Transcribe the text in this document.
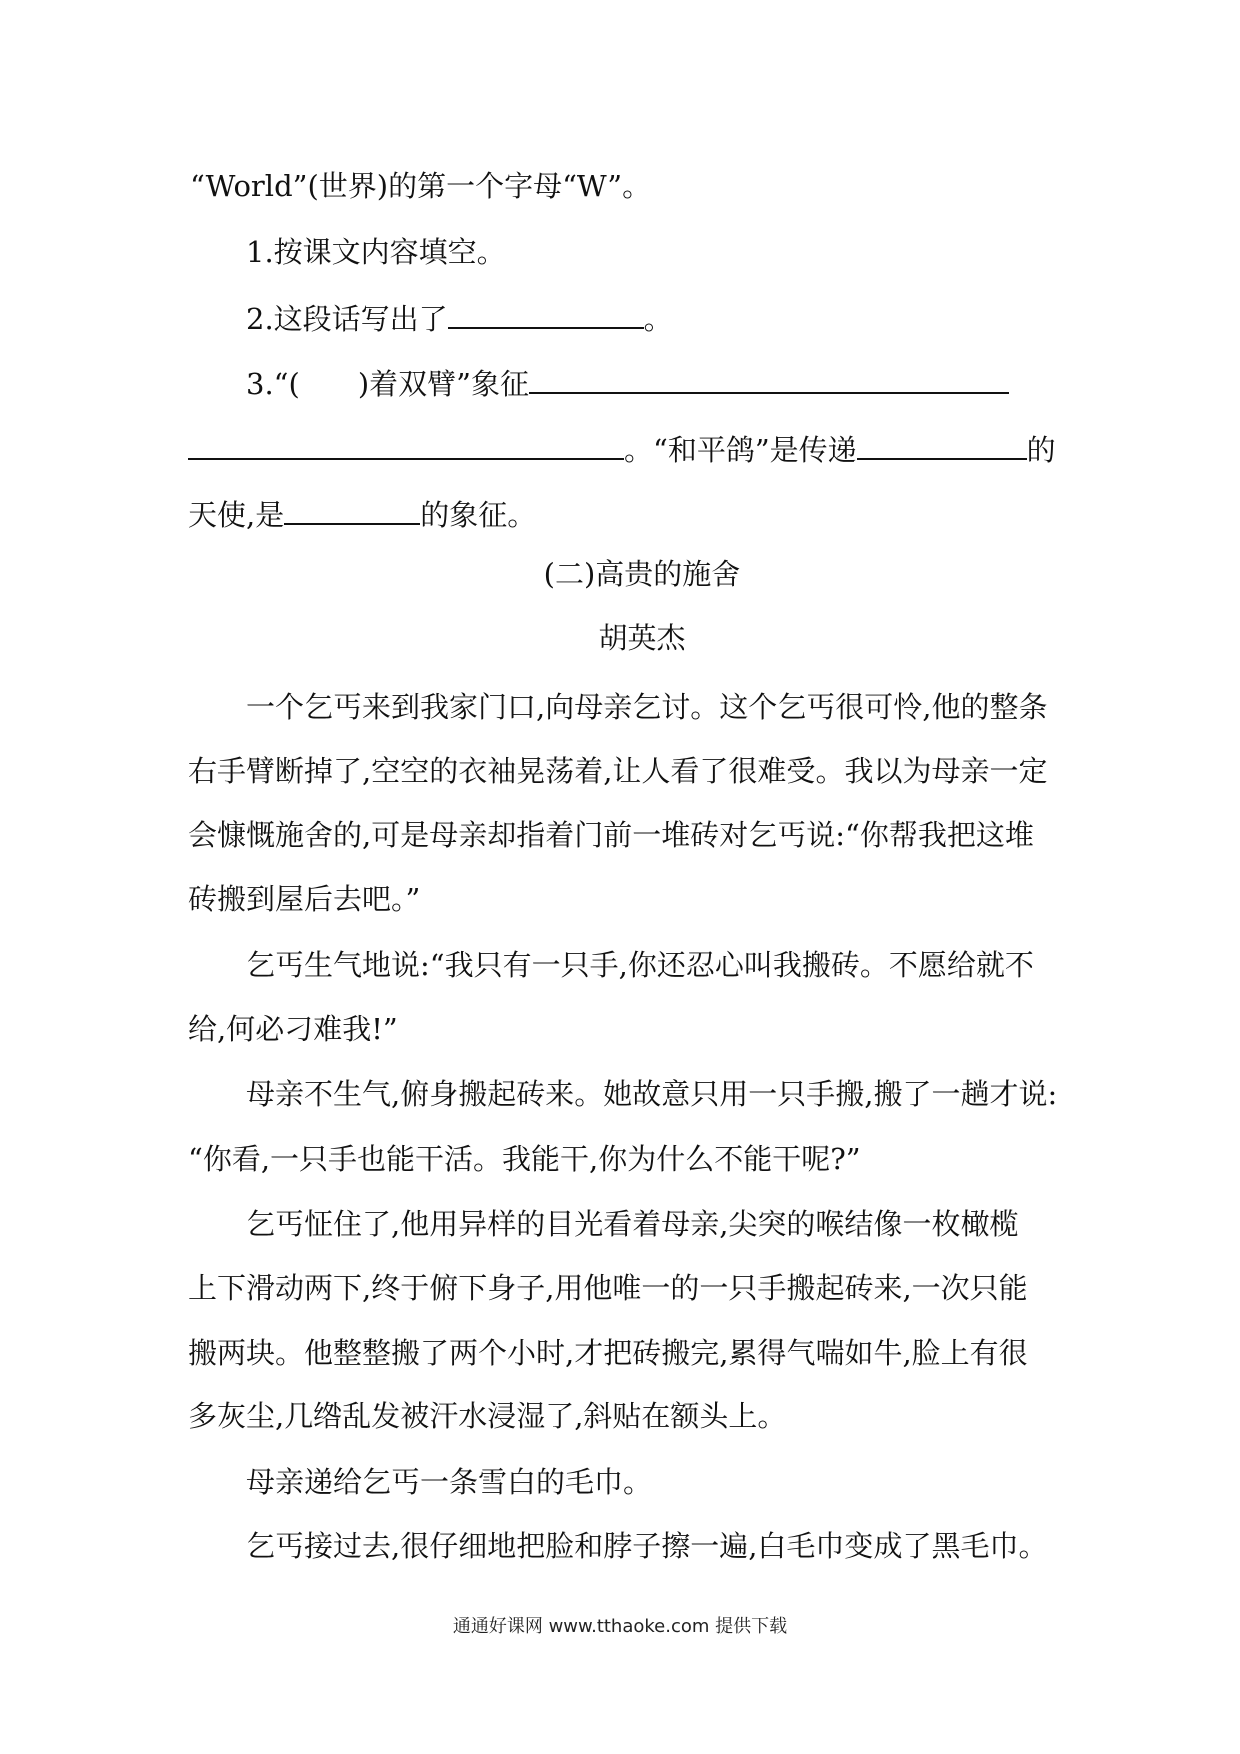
“World”(世界)的第一个字母“W”。
1.按课文内容填空。
2.这段话写出了	。
3.“( )着双臂”象征
。“和平鸽”是传递	的
天使,是	的象征。
(二)高贵的施舍
胡英杰
一个乞丐来到我家门口,向母亲乞讨。这个乞丐很可怜,他的整条
右手臂断掉了,空空的衣袖晃荡着,让人看了很难受。我以为母亲一定
会慷慨施舍的,可是母亲却指着门前一堆砖对乞丐说:“你帮我把这堆
砖搬到屋后去吧。”
乞丐生气地说:“我只有一只手,你还忍心叫我搬砖。不愿给就不
给,何必刁难我!”
母亲不生气,俯身搬起砖来。她故意只用一只手搬,搬了一趟才说:
“你看,一只手也能干活。我能干,你为什么不能干呢?”
乞丐怔住了,他用异样的目光看着母亲,尖突的喉结像一枚橄榄
上下滑动两下,终于俯下身子,用他唯一的一只手搬起砖来,一次只能
搬两块。他整整搬了两个小时,才把砖搬完,累得气喘如牛,脸上有很
多灰尘,几绺乱发被汗水浸湿了,斜贴在额头上。
母亲递给乞丐一条雪白的毛巾。
乞丐接过去,很仔细地把脸和脖子擦一遍,白毛巾变成了黑毛巾。
通通好课网 www.tthaoke.com 提供下载
